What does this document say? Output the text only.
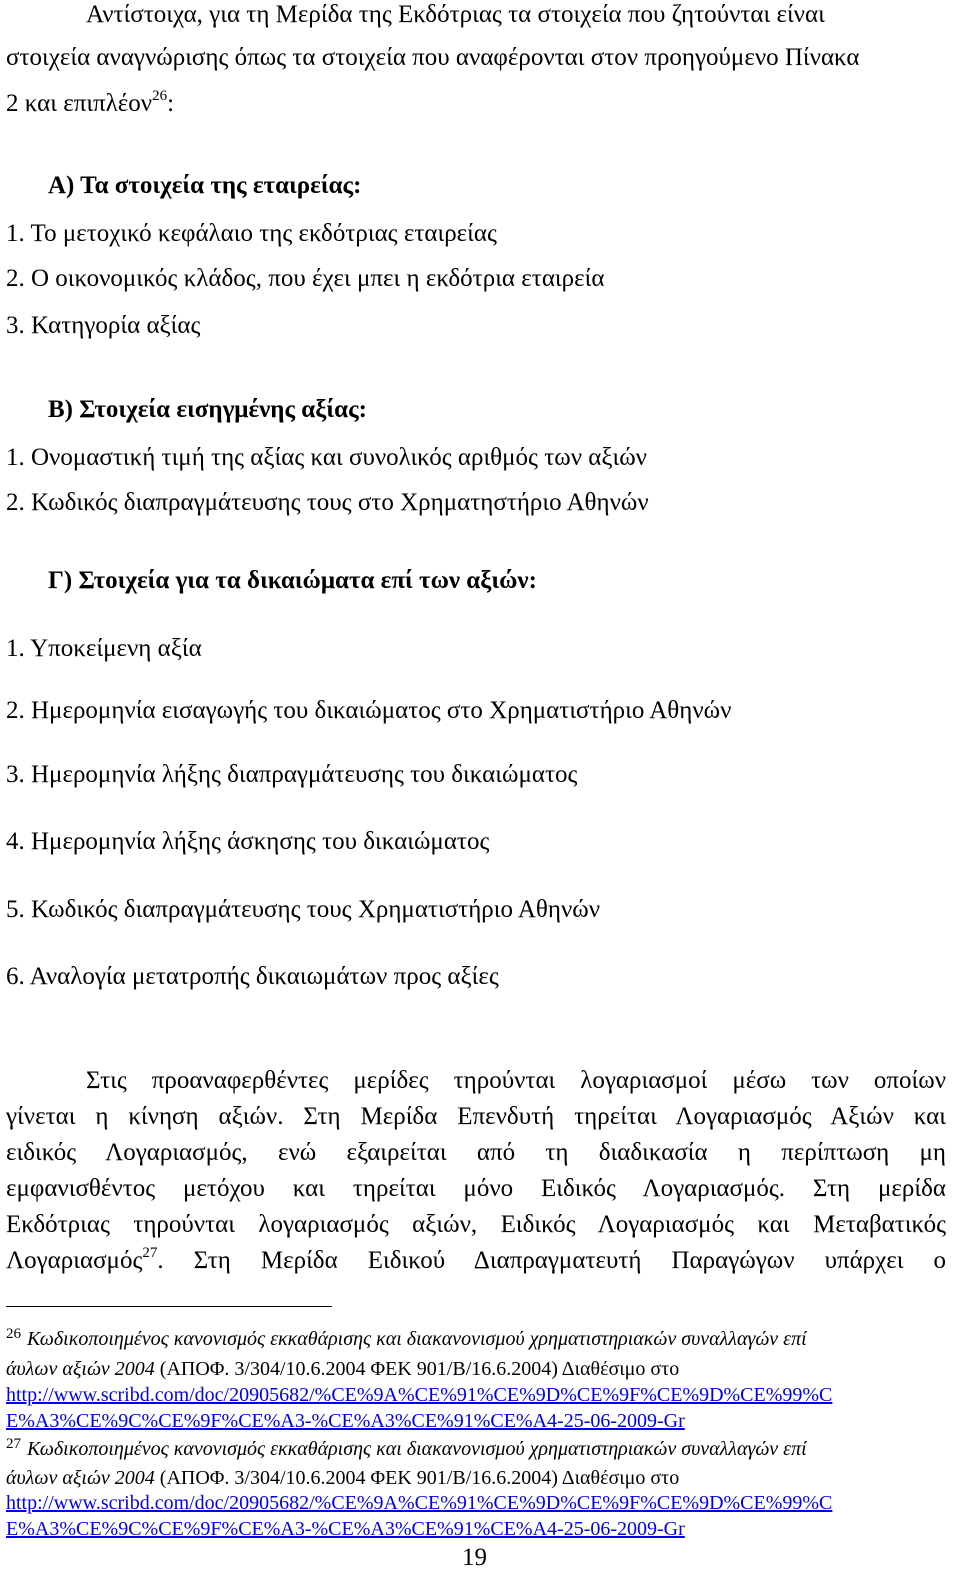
Αντίστοιχα, για τη Μερίδα της Εκδότριας τα στοιχεία που ζητούνται είναι
στοιχεία αναγνώρισης όπως τα στοιχεία που αναφέρονται στον προηγούμενο Πίνακα
2 και επιπλέον$^{26}$:
Α) Τα στοιχεία της εταιρείας:
1. Το μετοχικό κεφάλαιο της εκδότριας εταιρείας
2. Ο οικονομικός κλάδος, που έχει μπει η εκδότρια εταιρεία
3. Κατηγορία αξίας
Β) Στοιχεία εισηγμένης αξίας:
1. Ονομαστική τιμή της αξίας και συνολικός αριθμός των αξιών
2. Κωδικός διαπραγμάτευσης τους στο Χρηματηστήριο Αθηνών
Γ) Στοιχεία για τα δικαιώματα επί των αξιών:
1. Υποκείμενη αξία
2. Ημερομηνία εισαγωγής του δικαιώματος στο Χρηματιστήριο Αθηνών
3. Ημερομηνία λήξης διαπραγμάτευσης του δικαιώματος
4. Ημερομηνία λήξης άσκησης του δικαιώματος
5. Κωδικός διαπραγμάτευσης τους Χρηματιστήριο Αθηνών
6. Αναλογία μετατροπής δικαιωμάτων προς αξίες
Στις προαναφερθέντες μερίδες τηρούνται λογαριασμοί μέσω των οποίων
γίνεται η κίνηση αξιών. Στη Μερίδα Επενδυτή τηρείται Λογαριασμός Αξιών και
ειδικός Λογαριασμός, ενώ εξαιρείται από τη διαδικασία η περίπτωση μη
εμφανισθέντος μετόχου και τηρείται μόνο Ειδικός Λογαριασμός. Στη μερίδα
Εκδότριας τηρούνται λογαριασμός αξιών, Ειδικός Λογαριασμός και Μεταβατικός
Λογαριασμός$^{27}$. Στη Μερίδα Ειδικού Διαπραγματευτή Παραγώγων υπάρχει ο
$^{26}$ Κωδικοποιημένος κανονισμός εκκαθάρισης και διακανονισμού χρηματιστηριακών συναλλαγών επί
άυλων αξιών 2004 (ΑΠΟΦ. 3/304/10.6.2004 ΦΕΚ 901/Β/16.6.2004) Διαθέσιμο στο
http://www.scribd.com/doc/20905682/%CE%9A%CE%91%CE%9D%CE%9F%CE%9D%CE%99%C
E%A3%CE%9C%CE%9F%CE%A3-%CE%A3%CE%91%CE%A4-25-06-2009-Gr
$^{27}$ Κωδικοποιημένος κανονισμός εκκαθάρισης και διακανονισμού χρηματιστηριακών συναλλαγών επί
άυλων αξιών 2004 (ΑΠΟΦ. 3/304/10.6.2004 ΦΕΚ 901/Β/16.6.2004) Διαθέσιμο στο
http://www.scribd.com/doc/20905682/%CE%9A%CE%91%CE%9D%CE%9F%CE%9D%CE%99%C
E%A3%CE%9C%CE%9F%CE%A3-%CE%A3%CE%91%CE%A4-25-06-2009-Gr
19
